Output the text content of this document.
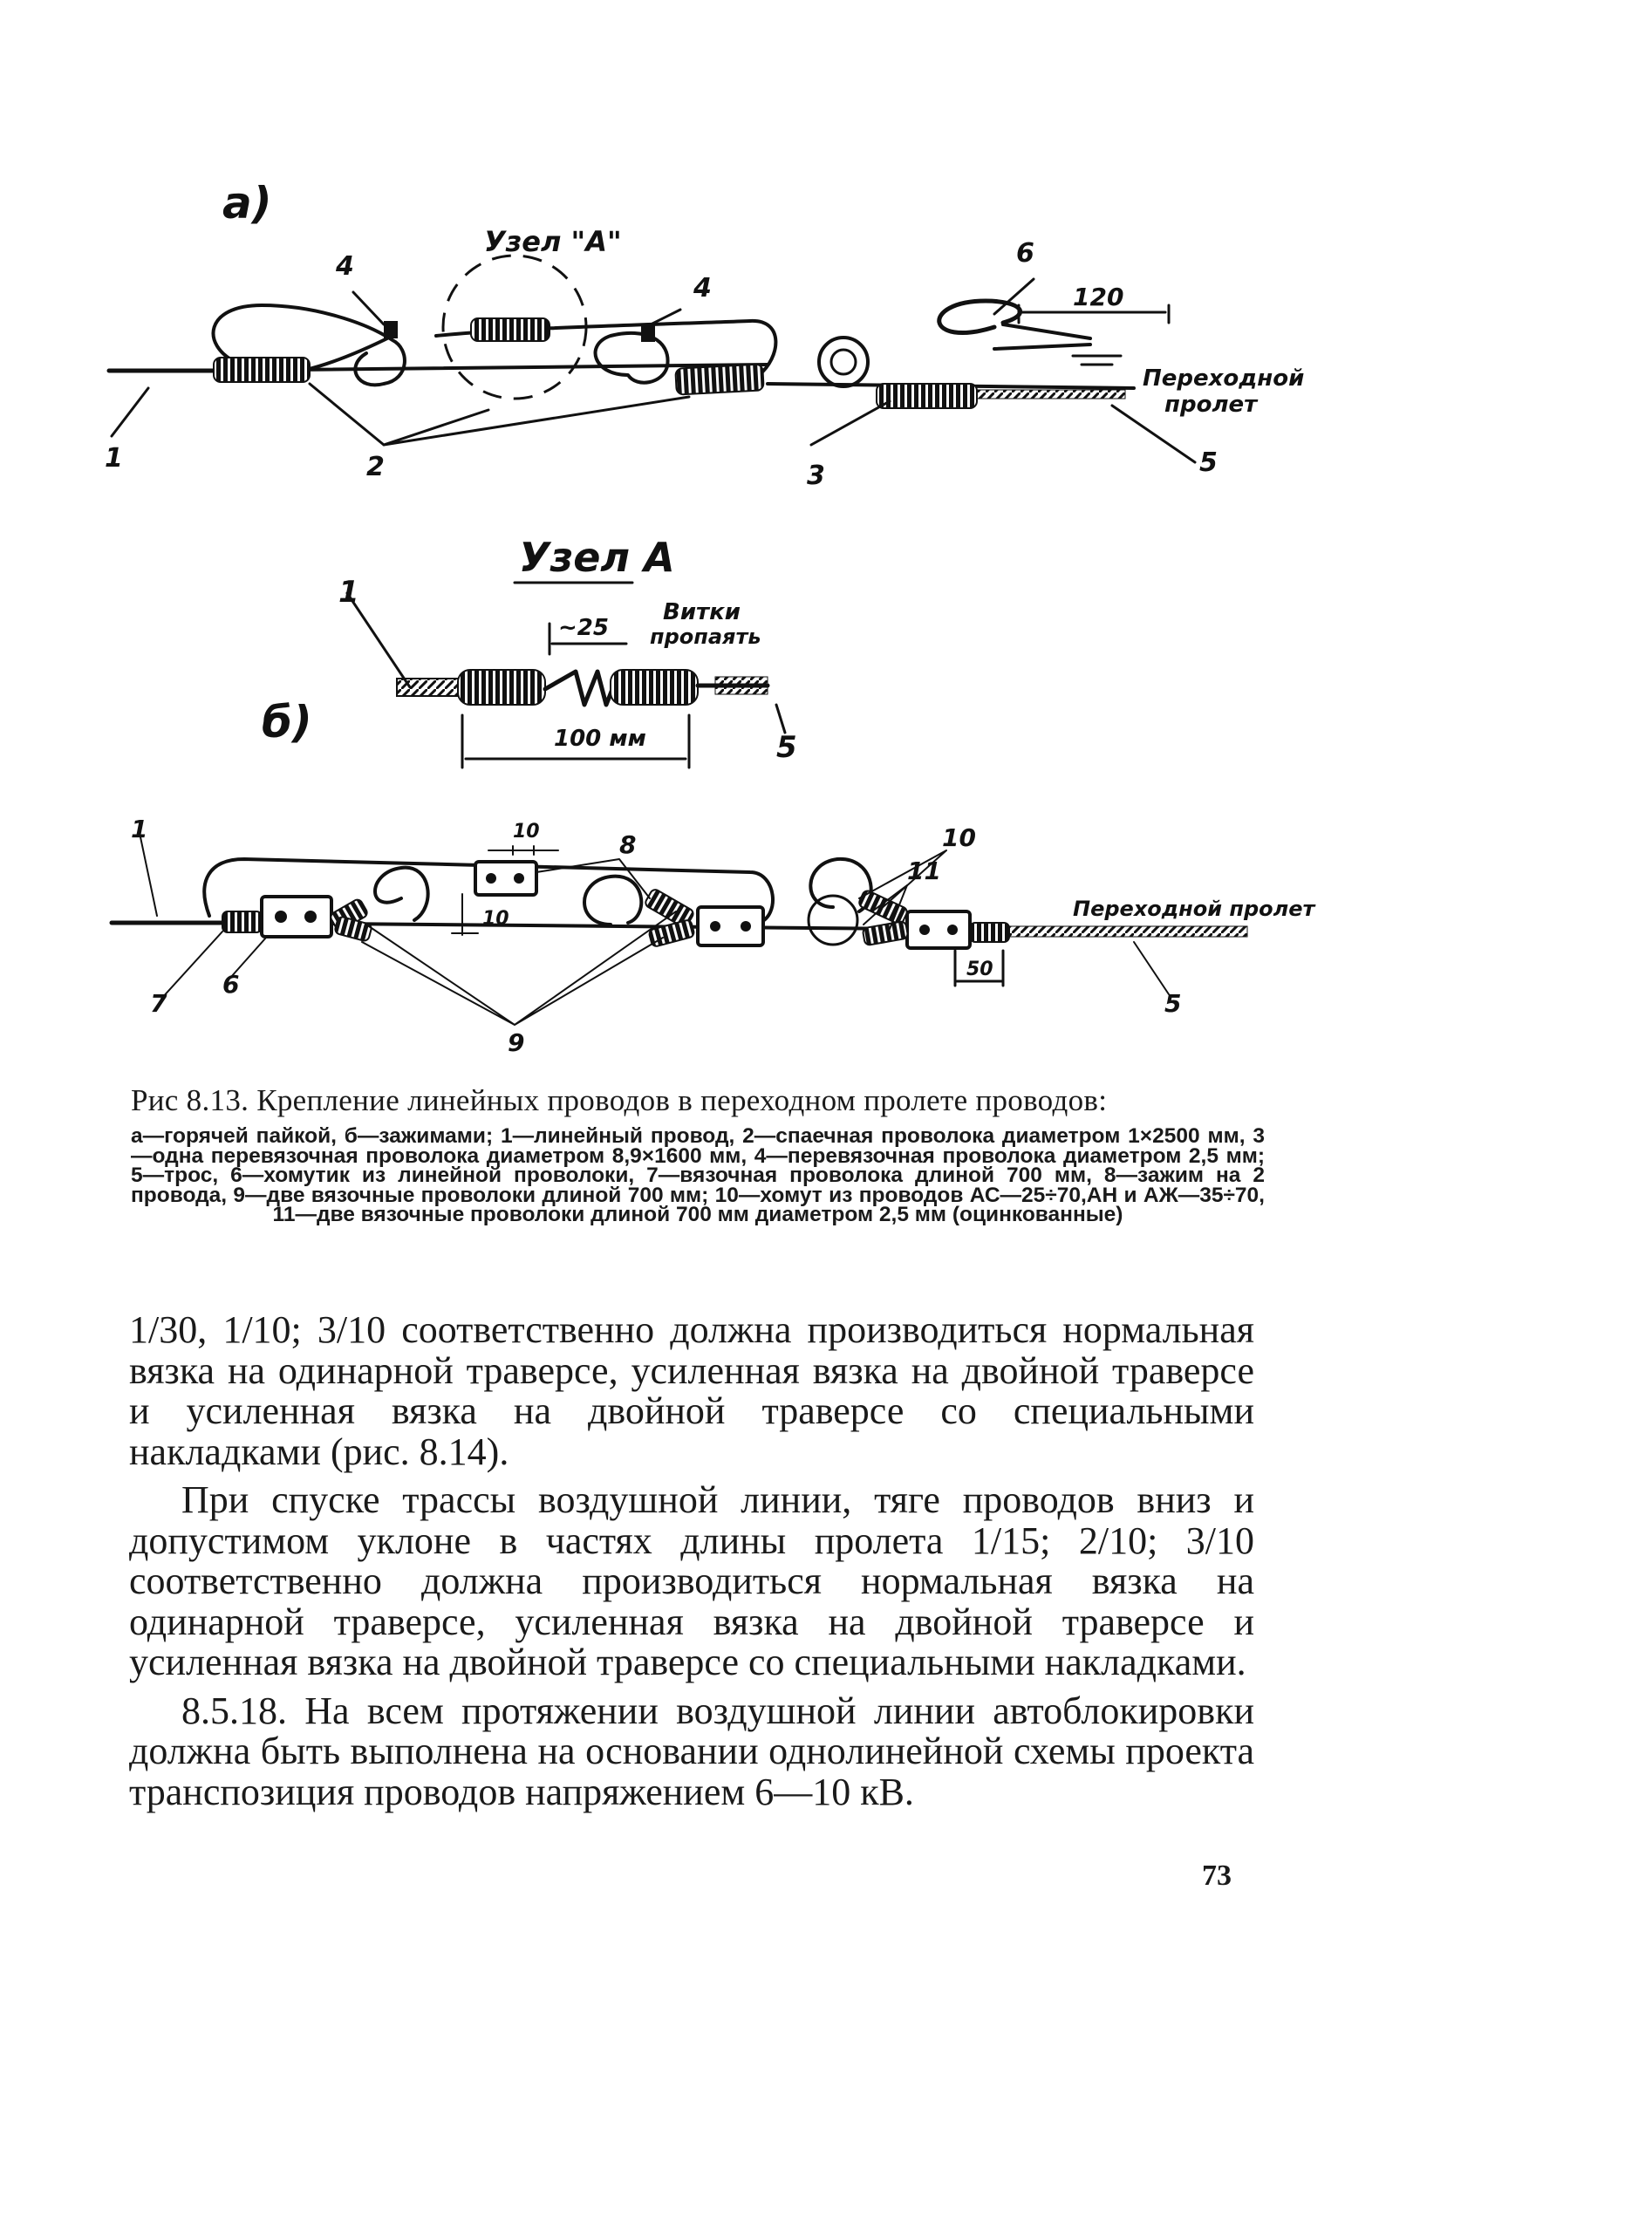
а)
Узел "А"
120
Переходной
пролет
1	2	3
4
4
5
6
Узел А
Витки
пропаять
~25
1
5
100 мм
б)
10
10
50
Переходной пролет
1
7
6
8
9
10
11
5
Рис 8.13. Крепление линейных проводов в переходном пролете проводов:
а—горячей пайкой, б—зажимами; 1—линейный провод, 2—спаечная проволока диаметром 1×2500 мм, 3—одна перевязочная проволока диаметром 8,9×1600 мм, 4—перевязочная проволока диаметром 2,5 мм; 5—трос, 6—хомутик из линейной проволоки, 7—вязочная проволока длиной 700 мм, 8—зажим на 2 провода, 9—две вязочные проволоки длиной 700 мм; 10—хомут из проводов АС—25÷70,АН и АЖ—35÷70, 11—две вязочные проволоки длиной 700 мм диаметром 2,5 мм (оцинкованные)

1/30, 1/10; 3/10 соответственно должна производиться нормальная вязка на одинарной траверсе, усиленная вязка на двойной траверсе и усиленная вязка на двойной траверсе со специальными накладками (рис. 8.14).

При спуске трассы воздушной линии, тяге проводов вниз и допустимом уклоне в частях длины пролета 1/15; 2/10; 3/10 соответственно должна производиться нормальная вязка на одинарной траверсе, усиленная вязка на двойной траверсе и усиленная вязка на двойной траверсе со специальными накладками.

8.5.18. На всем протяжении воздушной линии автоблокировки должна быть выполнена на основании однолинейной схемы проекта транспозиция проводов напряжением 6—10 кВ.

73
